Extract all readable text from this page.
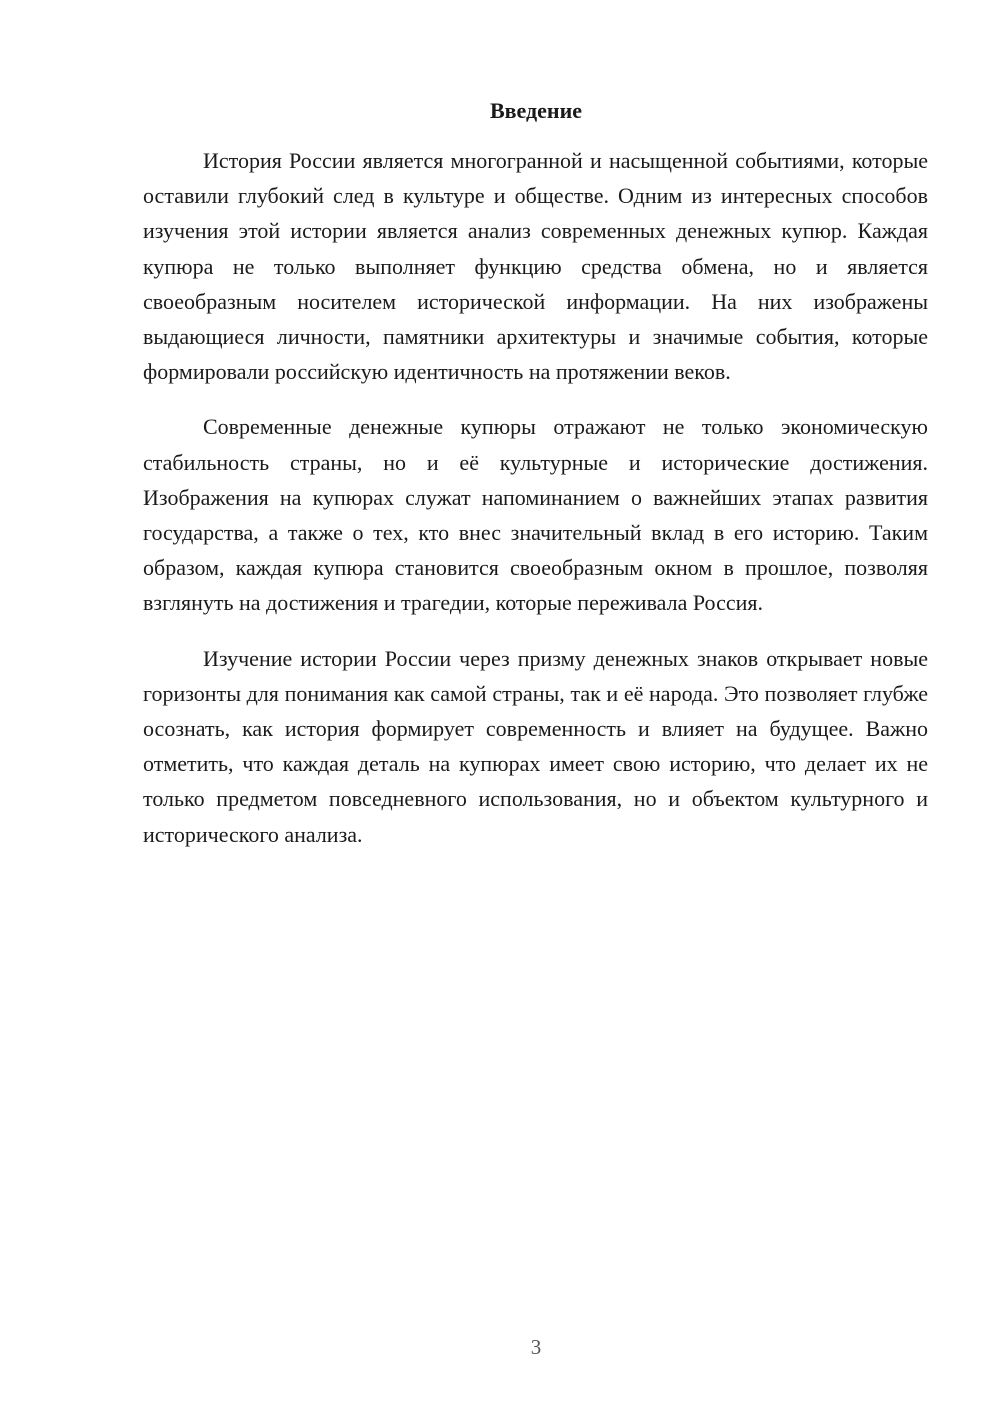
Введение

История России является многогранной и насыщенной событиями, которые оставили глубокий след в культуре и обществе. Одним из интересных способов изучения этой истории является анализ современных денежных купюр. Каждая купюра не только выполняет функцию средства обмена, но и является своеобразным носителем исторической информации. На них изображены выдающиеся личности, памятники архитектуры и значимые события, которые формировали российскую идентичность на протяжении веков.

Современные денежные купюры отражают не только экономическую стабильность страны, но и её культурные и исторические достижения. Изображения на купюрах служат напоминанием о важнейших этапах развития государства, а также о тех, кто внес значительный вклад в его историю. Таким образом, каждая купюра становится своеобразным окном в прошлое, позволяя взглянуть на достижения и трагедии, которые переживала Россия.

Изучение истории России через призму денежных знаков открывает новые горизонты для понимания как самой страны, так и её народа. Это позволяет глубже осознать, как история формирует современность и влияет на будущее. Важно отметить, что каждая деталь на купюрах имеет свою историю, что делает их не только предметом повседневного использования, но и объектом культурного и исторического анализа.

3
